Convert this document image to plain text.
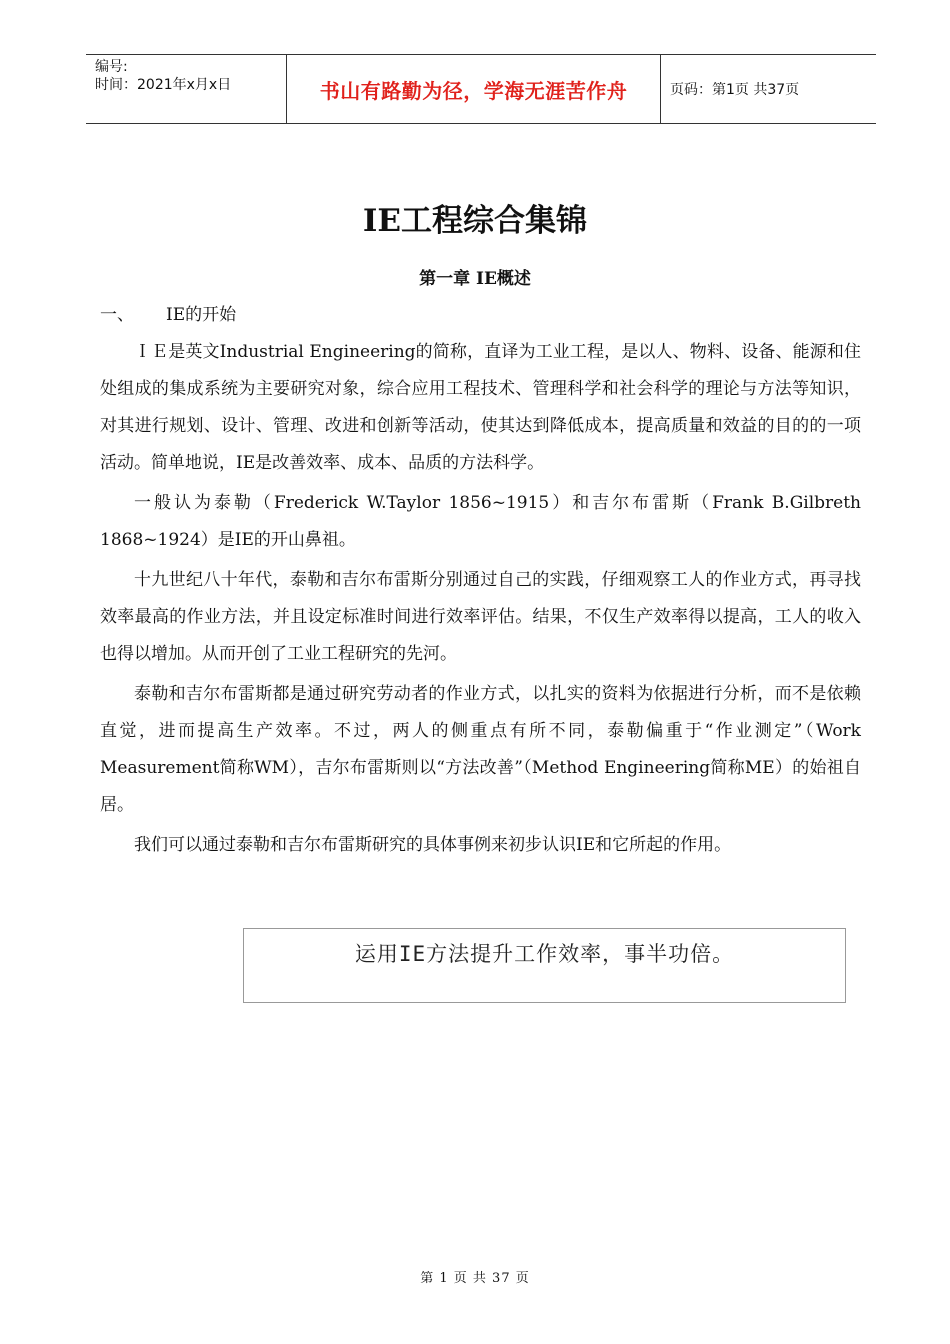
编号:
时间：2021年x月x日	书山有路勤为径，学海无涯苦作舟	页码：第1页 共37页
IE工程综合集锦
第一章 IE概述
一、 IE的开始

ＩＥ是英文Industrial Engineering的简称，直译为工业工程，是以人、物料、设备、能源和住处组成的集成系统为主要研究对象，综合应用工程技术、管理科学和社会科学的理论与方法等知识，对其进行规划、设计、管理、改进和创新等活动，使其达到降低成本，提高质量和效益的目的的一项活动。简单地说，IE是改善效率、成本、品质的方法科学。

一般认为泰勒（Frederick W.Taylor 1856~1915）和吉尔布雷斯（Frank B.Gilbreth 1868~1924）是IE的开山鼻祖。

十九世纪八十年代，泰勒和吉尔布雷斯分别通过自己的实践，仔细观察工人的作业方式，再寻找效率最高的作业方法，并且设定标准时间进行效率评估。结果，不仅生产效率得以提高，工人的收入也得以增加。从而开创了工业工程研究的先河。

泰勒和吉尔布雷斯都是通过研究劳动者的作业方式，以扎实的资料为依据进行分析，而不是依赖直觉，进而提高生产效率。不过，两人的侧重点有所不同，泰勒偏重于“作业测定”（Work Measurement简称WM），吉尔布雷斯则以“方法改善”（Method Engineering简称ME）的始祖自居。

我们可以通过泰勒和吉尔布雷斯研究的具体事例来初步认识IE和它所起的作用。

运用IE方法提升工作效率，事半功倍。
第 1 页 共 37 页
